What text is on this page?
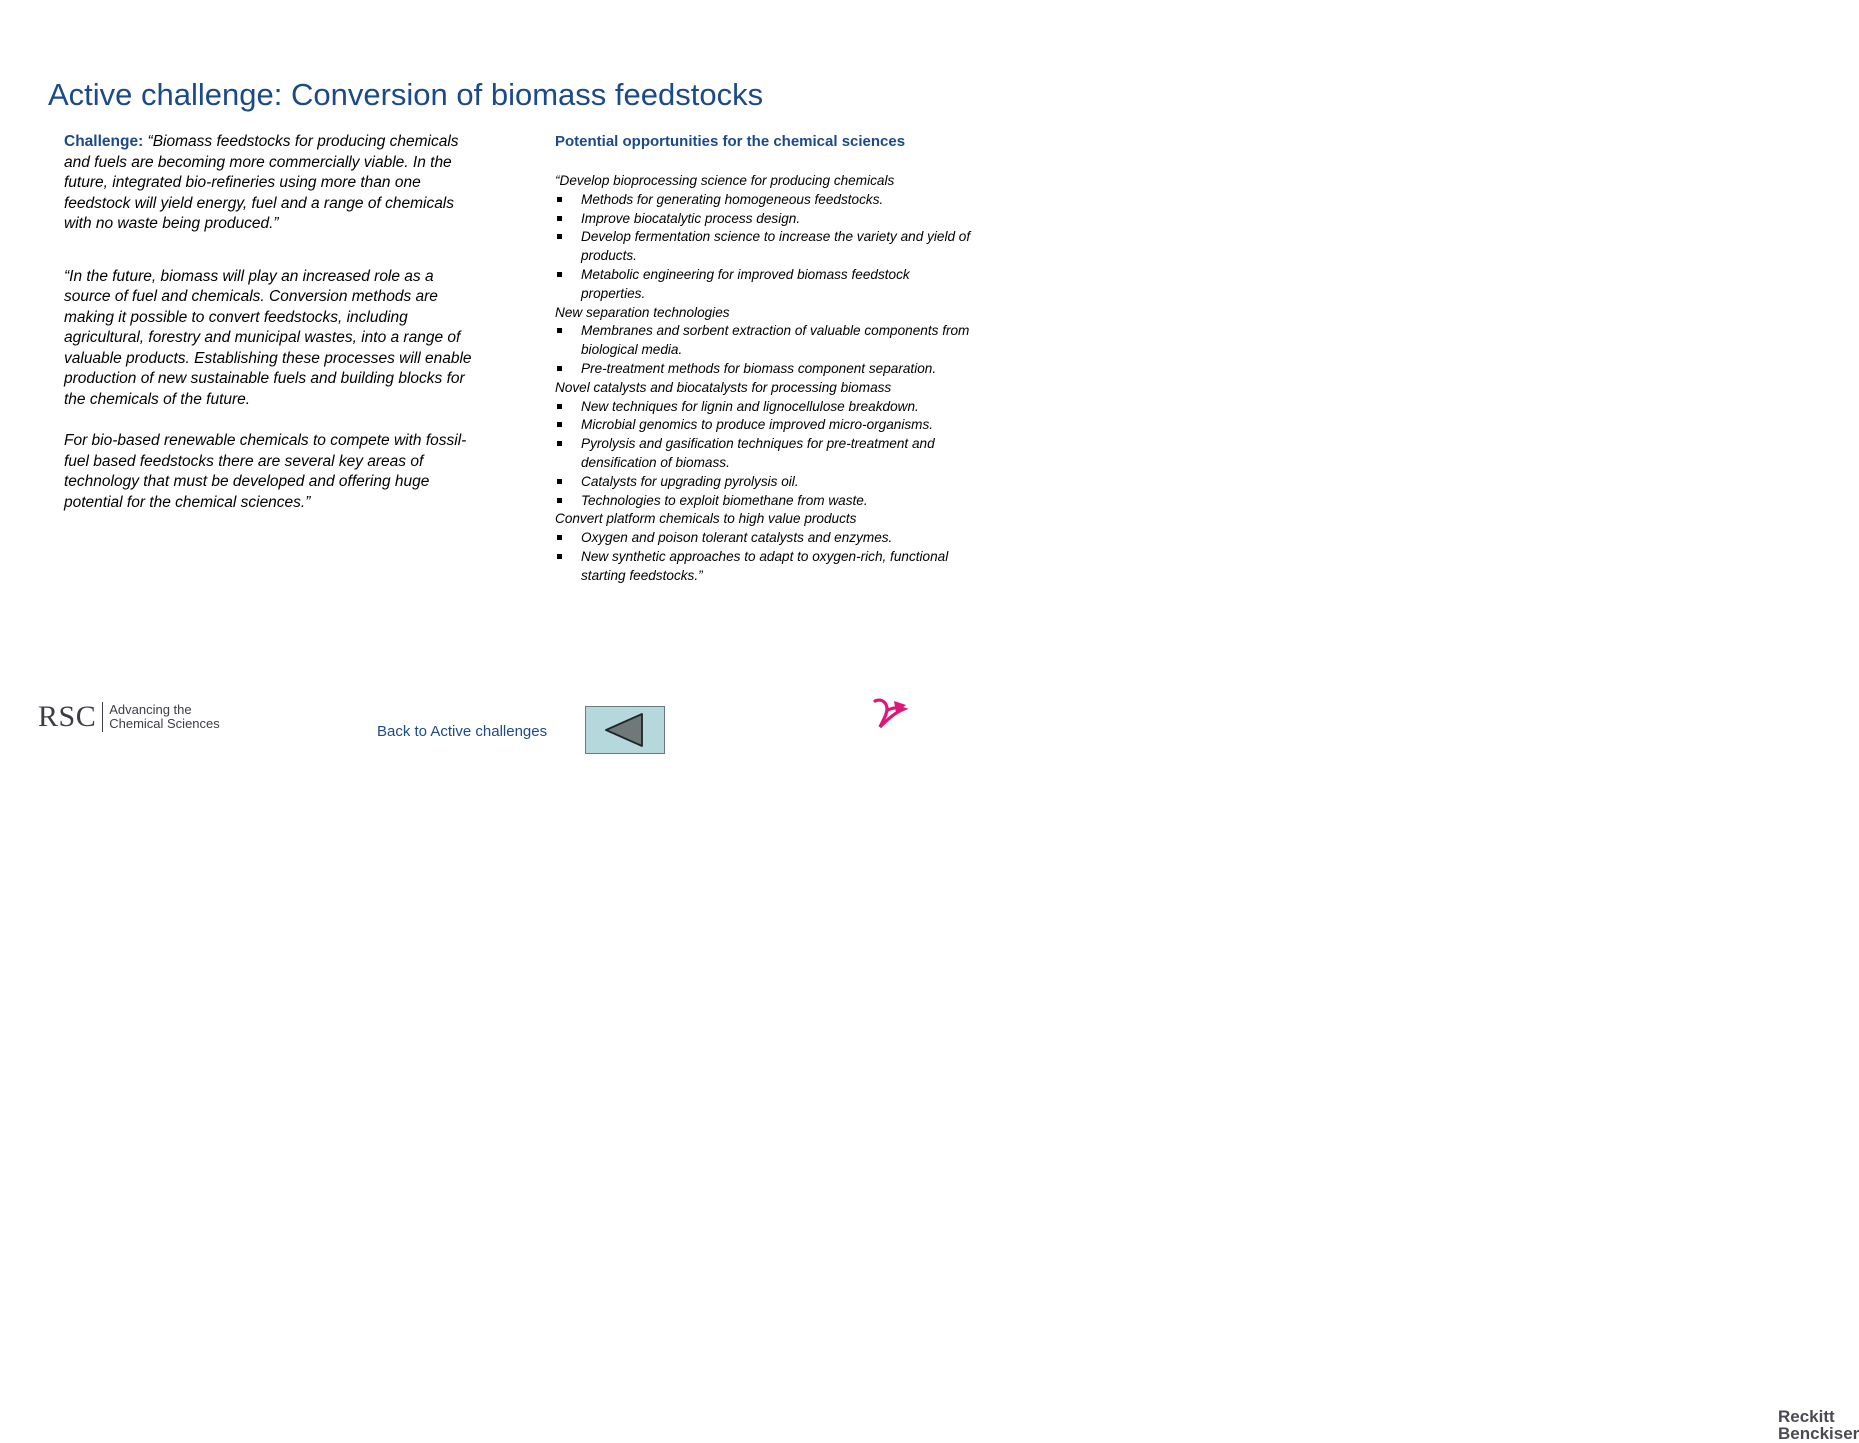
Active challenge: Conversion of biomass feedstocks

Challenge: “Biomass feedstocks for producing chemicals and fuels are becoming more commercially viable. In the future, integrated bio-refineries using more than one feedstock will yield energy, fuel and a range of chemicals with no waste being produced.”

“In the future, biomass will play an increased role as a source of fuel and chemicals. Conversion methods are making it possible to convert feedstocks, including agricultural, forestry and municipal wastes, into a range of valuable products. Establishing these processes will enable production of new sustainable fuels and building blocks for the chemicals of the future.

For bio-based renewable chemicals to compete with fossil-fuel based feedstocks there are several key areas of technology that must be developed and offering huge potential for the chemical sciences.”

Potential opportunities for the chemical sciences

“Develop bioprocessing science for producing chemicals

Methods for generating homogeneous feedstocks.
Improve biocatalytic process design.
Develop fermentation science to increase the variety and yield of products.
Metabolic engineering for improved biomass feedstock properties.

New separation technologies

Membranes and sorbent extraction of valuable components from biological media.
Pre-treatment methods for biomass component separation.

Novel catalysts and biocatalysts for processing biomass

New techniques for lignin and lignocellulose breakdown.
Microbial genomics to produce improved micro-organisms.
Pyrolysis and gasification techniques for pre-treatment and densification of biomass.
Catalysts for upgrading pyrolysis oil.
Technologies to exploit biomethane from waste.

Convert platform chemicals to high value products

Oxygen and poison tolerant catalysts and enzymes.
New synthetic approaches to adapt to oxygen-rich, functional starting feedstocks.”
RSC	Advancing the
Chemical Sciences	Back to Active challenges
Reckitt
Benckiser
